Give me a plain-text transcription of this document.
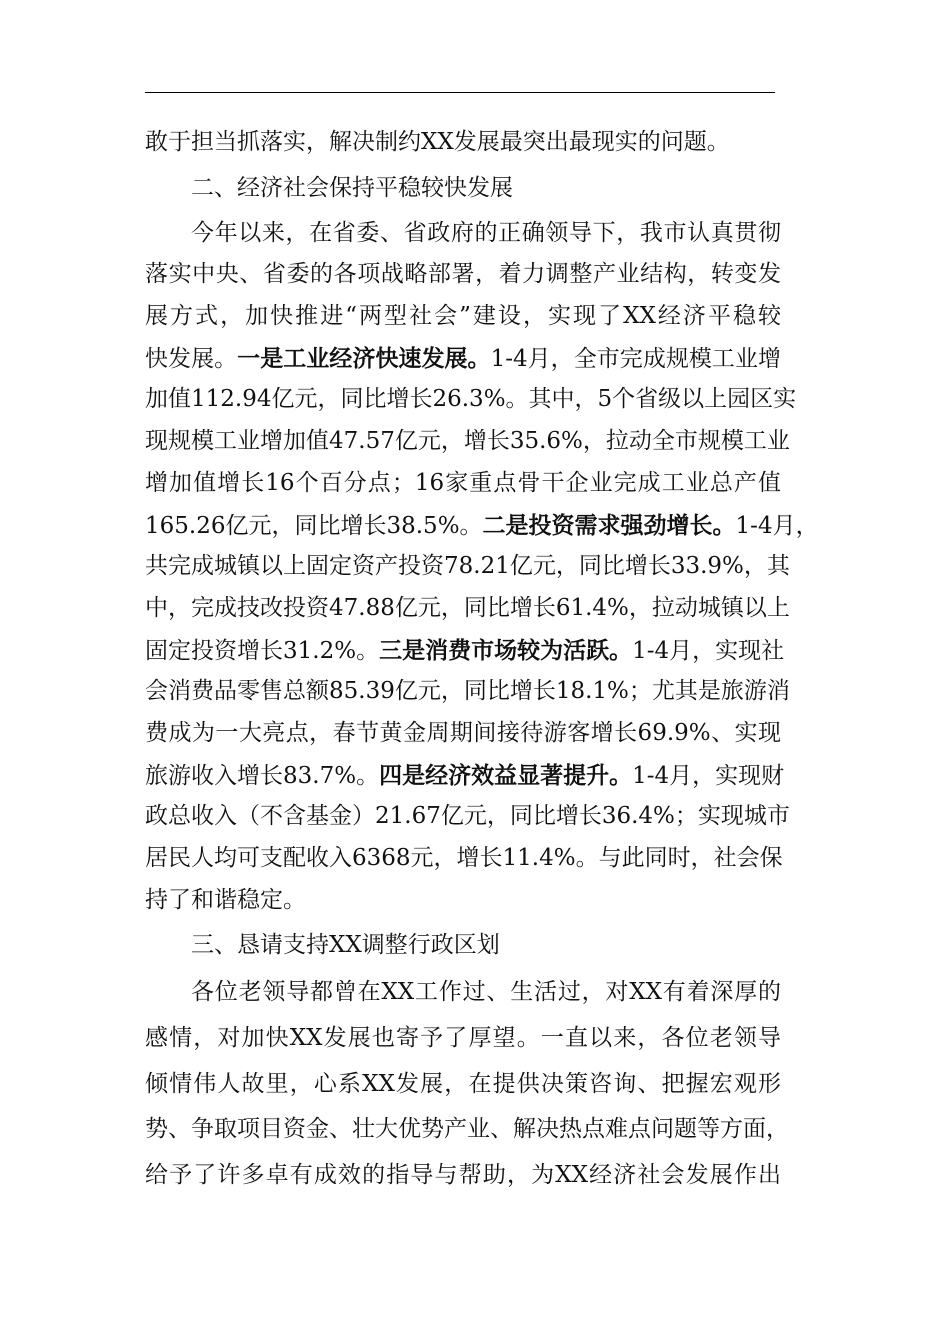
敢于担当抓落实，解决制约XX发展最突出最现实的问题。
二、经济社会保持平稳较快发展
今年以来，在省委、省政府的正确领导下，我市认真贯彻
落实中央、省委的各项战略部署，着力调整产业结构，转变发
展方式，加快推进“两型社会”建设，实现了XX经济平稳较
快发展。一是工业经济快速发展。1-4月，全市完成规模工业增
加值112.94亿元，同比增长26.3%。其中，5个省级以上园区实
现规模工业增加值47.57亿元，增长35.6%，拉动全市规模工业
增加值增长16个百分点；16家重点骨干企业完成工业总产值
165.26亿元，同比增长38.5%。二是投资需求强劲增长。1-4月，
共完成城镇以上固定资产投资78.21亿元，同比增长33.9%，其
中，完成技改投资47.88亿元，同比增长61.4%，拉动城镇以上
固定投资增长31.2%。三是消费市场较为活跃。1-4月，实现社
会消费品零售总额85.39亿元，同比增长18.1%；尤其是旅游消
费成为一大亮点，春节黄金周期间接待游客增长69.9%、实现
旅游收入增长83.7%。四是经济效益显著提升。1-4月，实现财
政总收入（不含基金）21.67亿元，同比增长36.4%；实现城市
居民人均可支配收入6368元，增长11.4%。与此同时，社会保
持了和谐稳定。
三、恳请支持XX调整行政区划
各位老领导都曾在XX工作过、生活过，对XX有着深厚的
感情，对加快XX发展也寄予了厚望。一直以来，各位老领导
倾情伟人故里，心系XX发展，在提供决策咨询、把握宏观形
势、争取项目资金、壮大优势产业、解决热点难点问题等方面，
给予了许多卓有成效的指导与帮助，为XX经济社会发展作出
